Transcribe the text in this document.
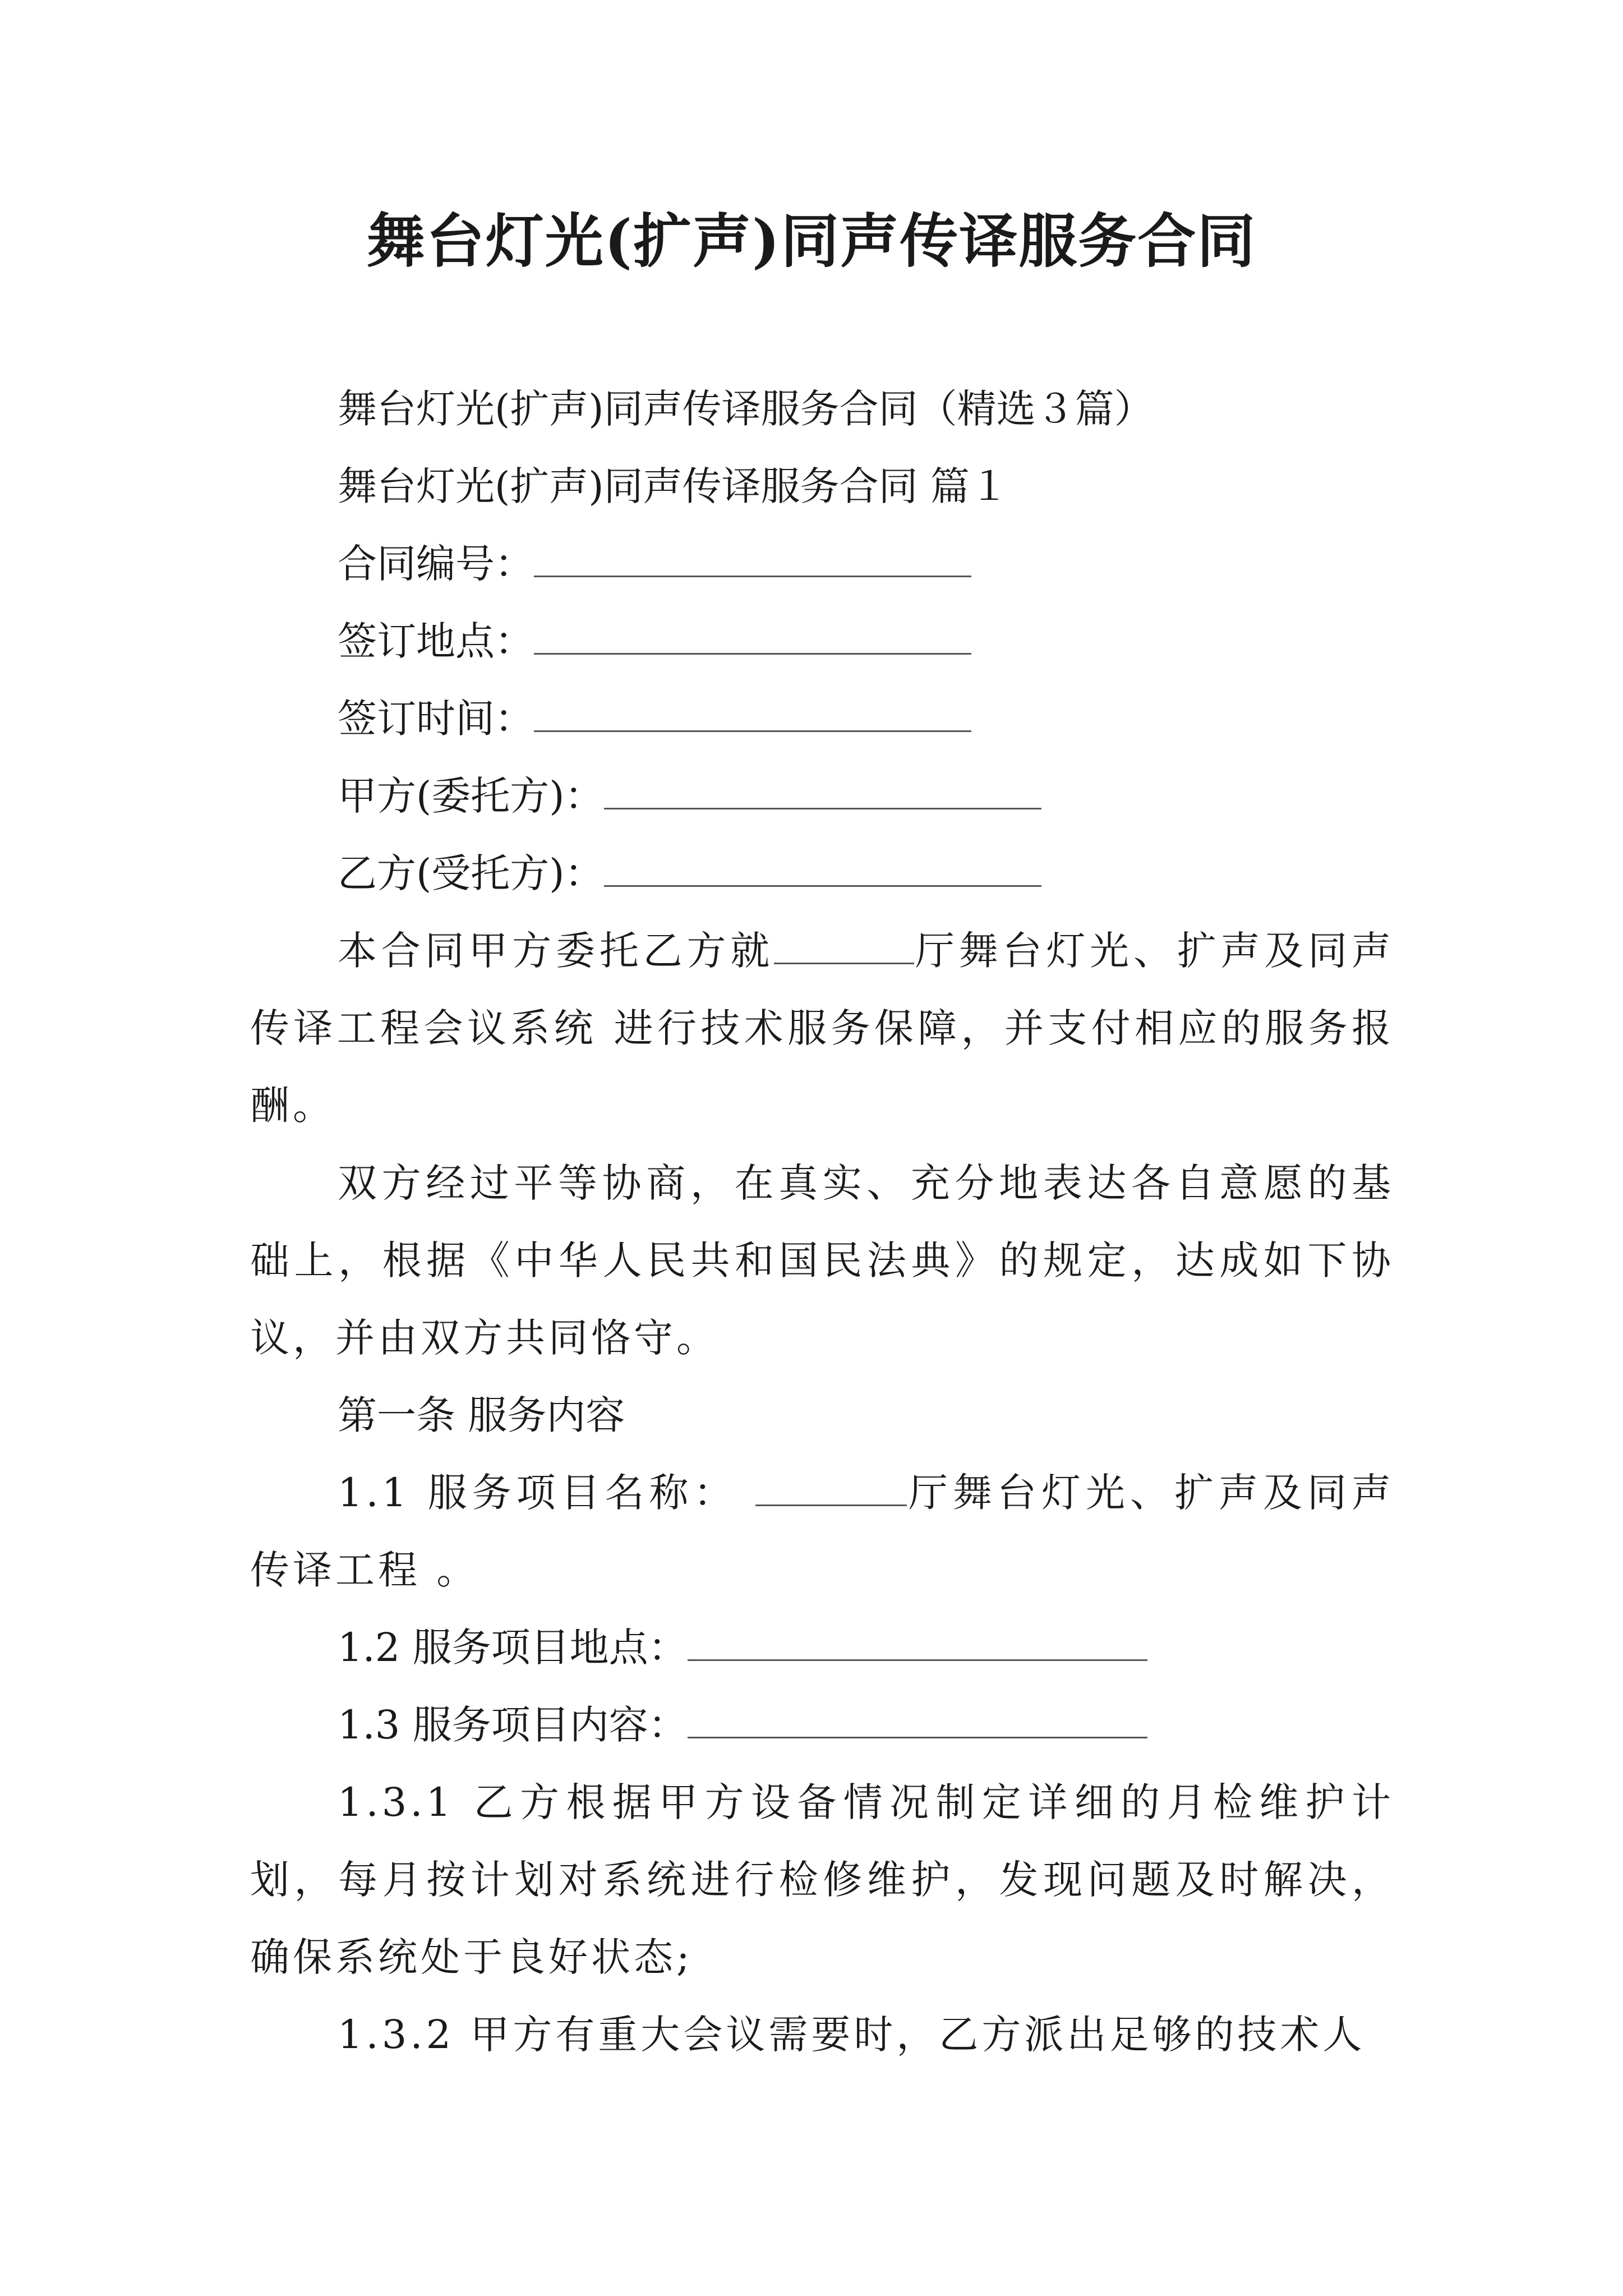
舞台灯光(扩声)同声传译服务合同
舞台灯光(扩声)同声传译服务合同（精选３篇）
舞台灯光(扩声)同声传译服务合同 篇１
合同编号：
签订地点：
签订时间：
甲方(委托方)：
乙方(受托方)：

本合同甲方委托乙方就	厅舞台灯光、扩声及同声传译工程会议系统 进行技术服务保障，并支付相应的服务报酬。

双方经过平等协商，在真实、充分地表达各自意愿的基础上，根据《中华人民共和国民法典》的规定，达成如下协议，并由双方共同恪守。

第一条 服务内容

1.1 服务项目名称：	厅舞台灯光、扩声及同声传译工程 。

1.2 服务项目地点：
1.3 服务项目内容：

1.3.1 乙方根据甲方设备情况制定详细的月检维护计划，每月按计划对系统进行检修维护，发现问题及时解决，确保系统处于良好状态;

1.3.2 甲方有重大会议需要时，乙方派出足够的技术人
